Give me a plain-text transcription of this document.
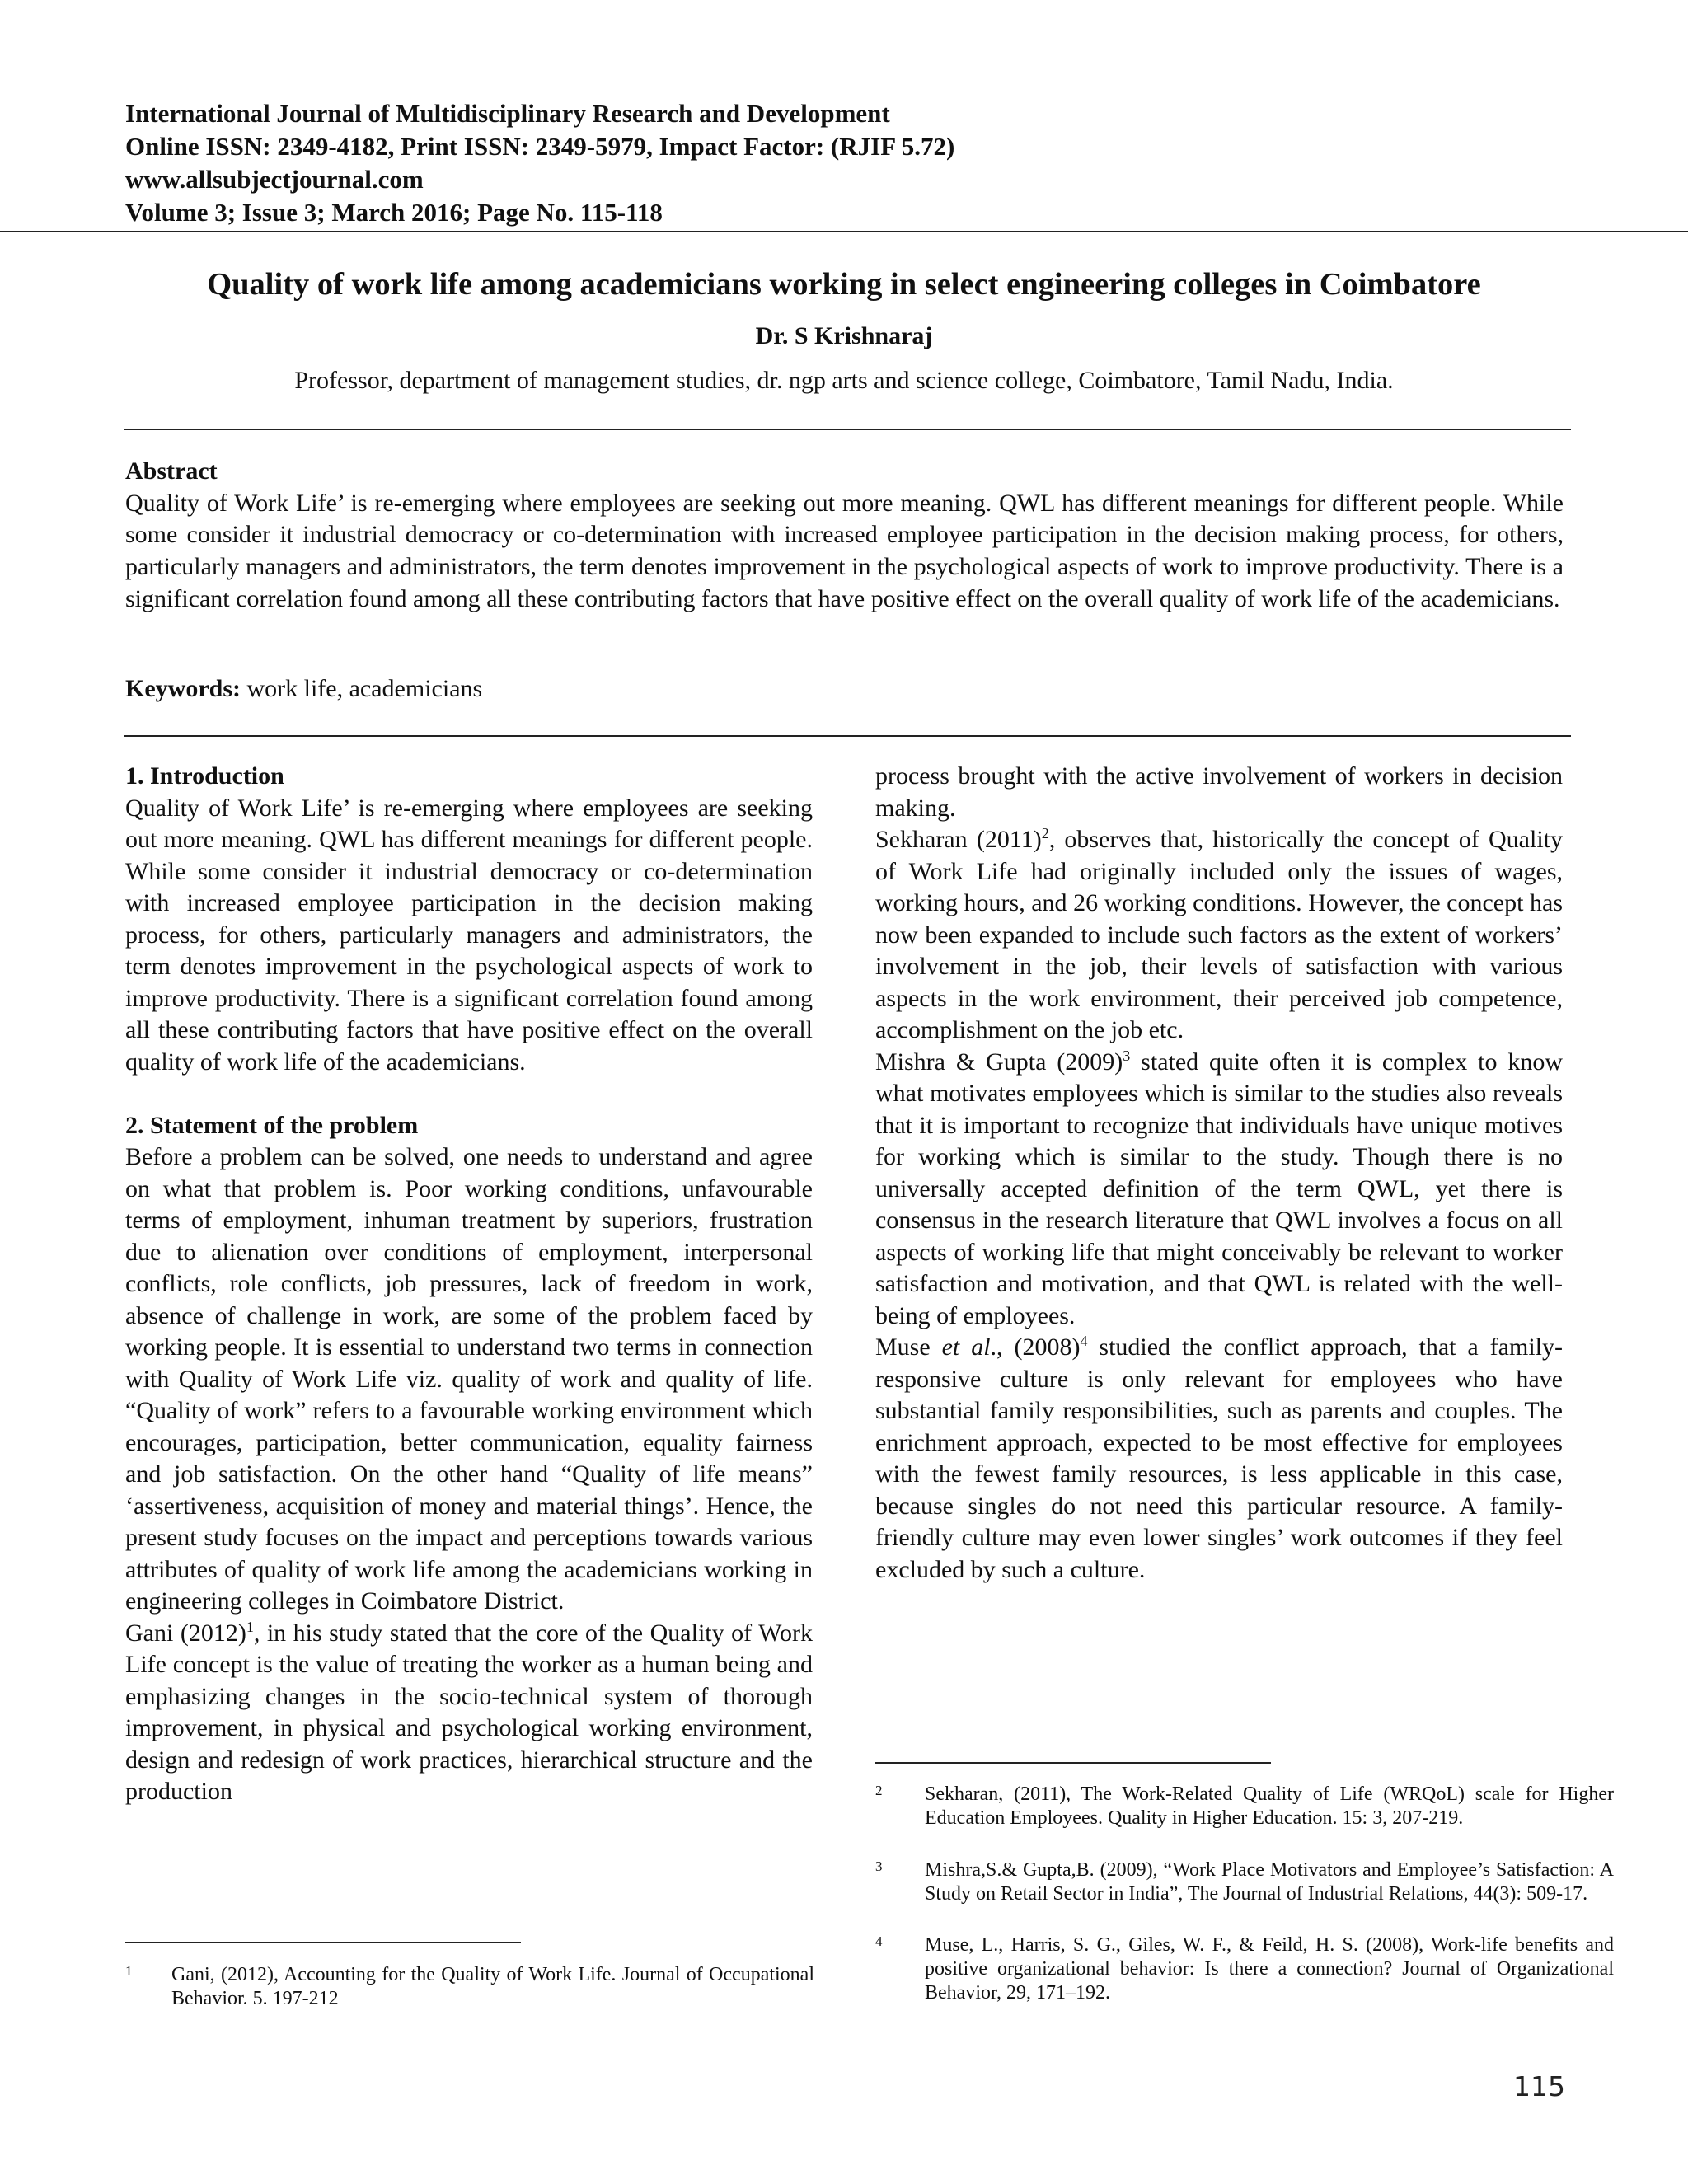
International Journal of Multidisciplinary Research and Development
Online ISSN: 2349-4182, Print ISSN: 2349-5979, Impact Factor: (RJIF 5.72)
www.allsubjectjournal.com
Volume 3; Issue 3; March 2016; Page No. 115-118
Quality of work life among academicians working in select engineering colleges in Coimbatore
Dr. S Krishnaraj
Professor, department of management studies, dr. ngp arts and science college, Coimbatore, Tamil Nadu, India.
Abstract

Quality of Work Life’ is re-emerging where employees are seeking out more meaning. QWL has different meanings for different people. While some consider it industrial democracy or co-determination with increased employee participation in the decision making process, for others, particularly managers and administrators, the term denotes improvement in the psychological aspects of work to improve productivity. There is a significant correlation found among all these contributing factors that have positive effect on the overall quality of work life of the academicians.

Keywords: work life, academicians

1. Introduction

Quality of Work Life’ is re-emerging where employees are seeking out more meaning. QWL has different meanings for different people. While some consider it industrial democracy or co-determination with increased employee participation in the decision making process, for others, particularly managers and administrators, the term denotes improvement in the psychological aspects of work to improve productivity. There is a significant correlation found among all these contributing factors that have positive effect on the overall quality of work life of the academicians.

2. Statement of the problem

Before a problem can be solved, one needs to understand and agree on what that problem is. Poor working conditions, unfavourable terms of employment, inhuman treatment by superiors, frustration due to alienation over conditions of employment, interpersonal conflicts, role conflicts, job pressures, lack of freedom in work, absence of challenge in work, are some of the problem faced by working people. It is essential to understand two terms in connection with Quality of Work Life viz. quality of work and quality of life. “Quality of work” refers to a favourable working environment which encourages, participation, better communication, equality fairness and job satisfaction. On the other hand “Quality of life means” ‘assertiveness, acquisition of money and material things’. Hence, the present study focuses on the impact and perceptions towards various attributes of quality of work life among the academicians working in engineering colleges in Coimbatore District.

Gani $(2012)^1$, in his study stated that the core of the Quality of Work Life concept is the value of treating the worker as a human being and emphasizing changes in the socio-technical system of thorough improvement, in physical and psychological working environment, design and redesign of work practices, hierarchical structure and the production

process brought with the active involvement of workers in decision making.

Sekharan $(2011)^2$, observes that, historically the concept of Quality of Work Life had originally included only the issues of wages, working hours, and 26 working conditions. However, the concept has now been expanded to include such factors as the extent of workers’ involvement in the job, their levels of satisfaction with various aspects in the work environment, their perceived job competence, accomplishment on the job etc.

Mishra & Gupta $(2009)^3$ stated quite often it is complex to know what motivates employees which is similar to the studies also reveals that it is important to recognize that individuals have unique motives for working which is similar to the study. Though there is no universally accepted definition of the term QWL, yet there is consensus in the research literature that QWL involves a focus on all aspects of working life that might conceivably be relevant to worker satisfaction and motivation, and that QWL is related with the well-being of employees.

Muse et al., $(2008)^4$ studied the conflict approach, that a family-responsive culture is only relevant for employees who have substantial family responsibilities, such as parents and couples. The enrichment approach, expected to be most effective for employees with the fewest family resources, is less applicable in this case, because singles do not need this particular resource. A family-friendly culture may even lower singles’ work outcomes if they feel excluded by such a culture.

1 Gani, (2012), Accounting for the Quality of Work Life. Journal of Occupational Behavior. 5. 197-212
2 Sekharan, (2011), The Work-Related Quality of Life (WRQoL) scale for Higher Education Employees. Quality in Higher Education. 15: 3, 207-219.
3 Mishra,S.& Gupta,B. (2009), “Work Place Motivators and Employee’s Satisfaction: A Study on Retail Sector in India”, The Journal of Industrial Relations, 44(3): 509-17.
4 Muse, L., Harris, S. G., Giles, W. F., & Feild, H. S. (2008), Work-life benefits and positive organizational behavior: Is there a connection? Journal of Organizational Behavior, 29, 171–192.
115
